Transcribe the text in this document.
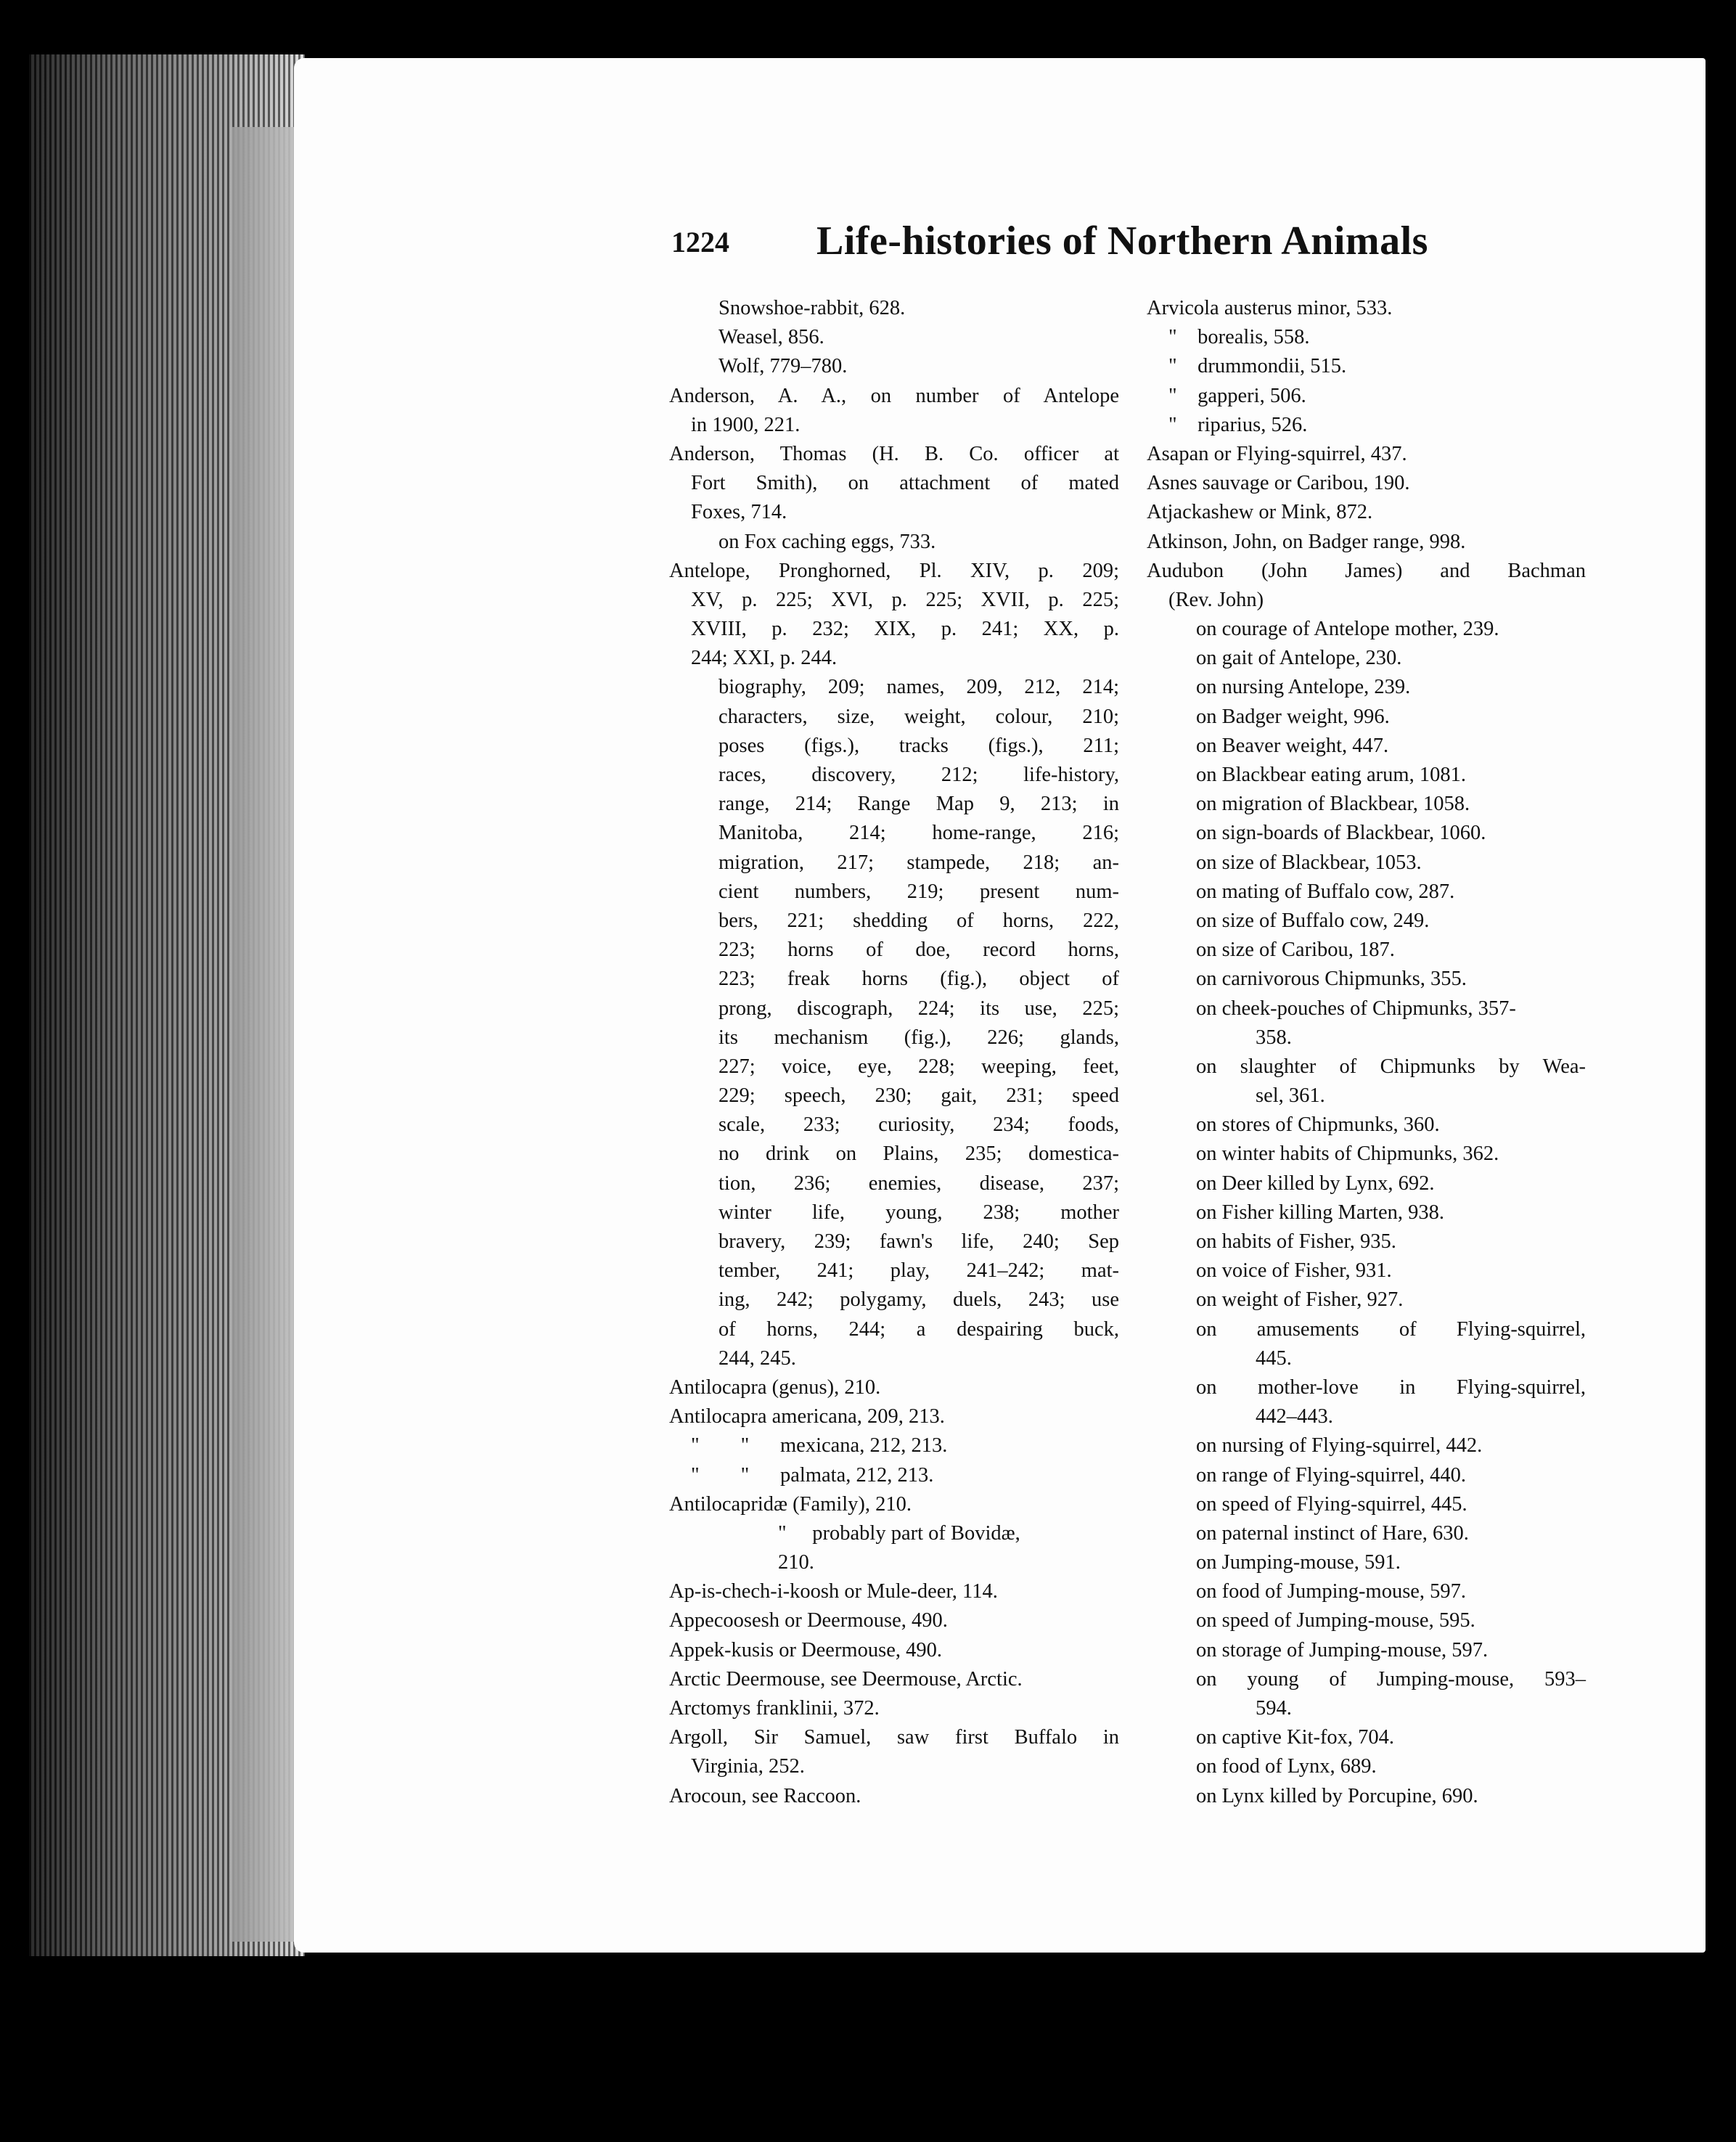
1224 Life-histories of Northern Animals
Snowshoe-rabbit, 628.
Weasel, 856.
Wolf, 779–780.
Anderson, A. A., on number of Antelope
in 1900, 221.
Anderson, Thomas (H. B. Co. officer at
Fort Smith), on attachment of mated
Foxes, 714.
on Fox caching eggs, 733.
Antelope, Pronghorned, Pl. XIV, p. 209;
XV, p. 225; XVI, p. 225; XVII, p. 225;
XVIII, p. 232; XIX, p. 241; XX, p.
244; XXI, p. 244.
biography, 209; names, 209, 212, 214;
characters, size, weight, colour, 210;
poses (figs.), tracks (figs.), 211;
races, discovery, 212; life-history,
range, 214; Range Map 9, 213; in
Manitoba, 214; home-range, 216;
migration, 217; stampede, 218; an-
cient numbers, 219; present num-
bers, 221; shedding of horns, 222,
223; horns of doe, record horns,
223; freak horns (fig.), object of
prong, discograph, 224; its use, 225;
its mechanism (fig.), 226; glands,
227; voice, eye, 228; weeping, feet,
229; speech, 230; gait, 231; speed
scale, 233; curiosity, 234; foods,
no drink on Plains, 235; domestica-
tion, 236; enemies, disease, 237;
winter life, young, 238; mother
bravery, 239; fawn's life, 240; Sep
tember, 241; play, 241–242; mat-
ing, 242; polygamy, duels, 243; use
of horns, 244; a despairing buck,
244, 245.
Antilocapra (genus), 210.
Antilocapra americana, 209, 213.
"        "      mexicana, 212, 213.
"        "      palmata, 212, 213.
Antilocapridæ (Family), 210.
"     probably part of Bovidæ,
210.
Ap-is-chech-i-koosh or Mule-deer, 114.
Appecoosesh or Deermouse, 490.
Appek-kusis or Deermouse, 490.
Arctic Deermouse, see Deermouse, Arctic.
Arctomys franklinii, 372.
Argoll, Sir Samuel, saw first Buffalo in
Virginia, 252.
Arocoun, see Raccoon.
Arvicola austerus minor, 533.
"    borealis, 558.
"    drummondii, 515.
"    gapperi, 506.
"    riparius, 526.
Asapan or Flying-squirrel, 437.
Asnes sauvage or Caribou, 190.
Atjackashew or Mink, 872.
Atkinson, John, on Badger range, 998.
Audubon (John James) and Bachman
(Rev. John)
on courage of Antelope mother, 239.
on gait of Antelope, 230.
on nursing Antelope, 239.
on Badger weight, 996.
on Beaver weight, 447.
on Blackbear eating arum, 1081.
on migration of Blackbear, 1058.
on sign-boards of Blackbear, 1060.
on size of Blackbear, 1053.
on mating of Buffalo cow, 287.
on size of Buffalo cow, 249.
on size of Caribou, 187.
on carnivorous Chipmunks, 355.
on cheek-pouches of Chipmunks, 357-
358.
on slaughter of Chipmunks by Wea-
sel, 361.
on stores of Chipmunks, 360.
on winter habits of Chipmunks, 362.
on Deer killed by Lynx, 692.
on Fisher killing Marten, 938.
on habits of Fisher, 935.
on voice of Fisher, 931.
on weight of Fisher, 927.
on amusements of Flying-squirrel,
445.
on mother-love in Flying-squirrel,
442–443.
on nursing of Flying-squirrel, 442.
on range of Flying-squirrel, 440.
on speed of Flying-squirrel, 445.
on paternal instinct of Hare, 630.
on Jumping-mouse, 591.
on food of Jumping-mouse, 597.
on speed of Jumping-mouse, 595.
on storage of Jumping-mouse, 597.
on young of Jumping-mouse, 593–
594.
on captive Kit-fox, 704.
on food of Lynx, 689.
on Lynx killed by Porcupine, 690.
